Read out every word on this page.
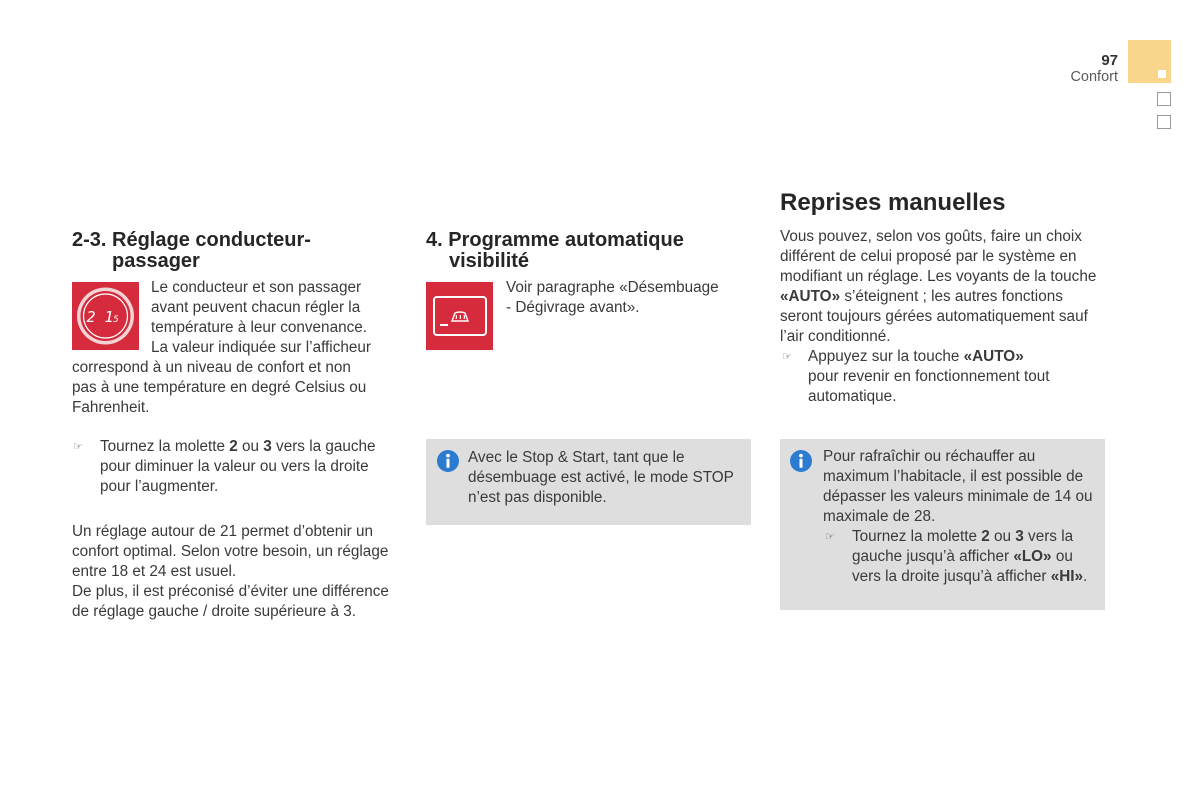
97
Confort
2-3. Réglage conducteur-
passager
Le conducteur et son passager
avant peuvent chacun régler la
température à leur convenance.
La valeur indiquée sur l’afficheur
correspond à un niveau de confort et non
pas à une température en degré Celsius ou
Fahrenheit.
2 1 5
☞ Tournez la molette 2 ou 3 vers la gauche
pour diminuer la valeur ou vers la droite
pour l’augmenter.
Un réglage autour de 21 permet d’obtenir un
confort optimal. Selon votre besoin, un réglage
entre 18 et 24 est usuel.
De plus, il est préconisé d’éviter une différence
de réglage gauche / droite supérieure à 3.
4. Programme automatique
visibilité
Voir paragraphe «Désembuage
- Dégivrage avant».
Avec le Stop & Start, tant que le
désembuage est activé, le mode STOP
n’est pas disponible.
Reprises manuelles
Vous pouvez, selon vos goûts, faire un choix
différent de celui proposé par le système en
modifiant un réglage. Les voyants de la touche
«AUTO» s’éteignent ; les autres fonctions
seront toujours gérées automatiquement sauf
l’air conditionné.
☞ Appuyez sur la touche «AUTO»
pour revenir en fonctionnement tout
automatique.
Pour rafraîchir ou réchauffer au
maximum l’habitacle, il est possible de
dépasser les valeurs minimale de 14 ou
maximale de 28.
☞ Tournez la molette 2 ou 3 vers la
gauche jusqu’à afficher «LO» ou
vers la droite jusqu’à afficher «HI».
